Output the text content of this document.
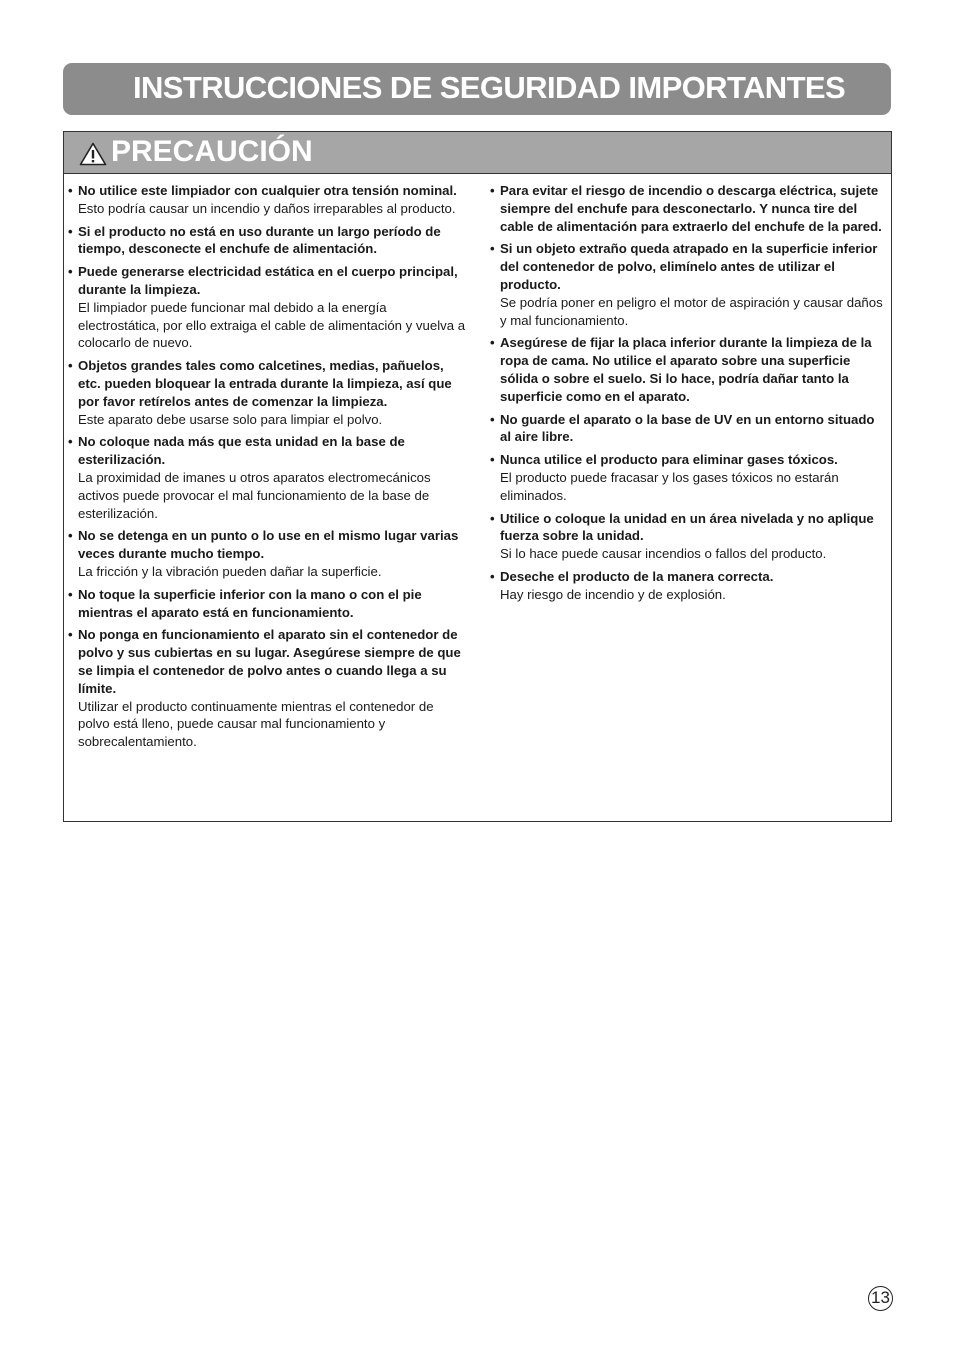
INSTRUCCIONES DE SEGURIDAD IMPORTANTES
PRECAUCIÓN
• No utilice este limpiador con cualquier otra tensión nominal.
Esto podría causar un incendio y daños irreparables al producto.
• Si el producto no está en uso durante un largo período de tiempo, desconecte el enchufe de alimentación.
• Puede generarse electricidad estática en el cuerpo principal, durante la limpieza.
El limpiador puede funcionar mal debido a la energía electrostática, por ello extraiga el cable de alimentación y vuelva a colocarlo de nuevo.
• Objetos grandes tales como calcetines, medias, pañuelos, etc. pueden bloquear la entrada durante la limpieza, así que por favor retírelos antes de comenzar la limpieza.
Este aparato debe usarse solo para limpiar el polvo.
• No coloque nada más que esta unidad en la base de esterilización.
La proximidad de imanes u otros aparatos electromecánicos activos puede provocar el mal funcionamiento de la base de esterilización.
• No se detenga en un punto o lo use en el mismo lugar varias veces durante mucho tiempo.
La fricción y la vibración pueden dañar la superficie.
• No toque la superficie inferior con la mano o con el pie mientras el aparato está en funcionamiento.
• No ponga en funcionamiento el aparato sin el contenedor de polvo y sus cubiertas en su lugar. Asegúrese siempre de que se limpia el contenedor de polvo antes o cuando llega a su límite.
Utilizar el producto continuamente mientras el contenedor de polvo está lleno, puede causar mal funcionamiento y sobrecalentamiento.
• Para evitar el riesgo de incendio o descarga eléctrica, sujete siempre del enchufe para desconectarlo. Y nunca tire del cable de alimentación para extraerlo del enchufe de la pared.
• Si un objeto extraño queda atrapado en la superficie inferior del contenedor de polvo, elimínelo antes de utilizar el producto.
Se podría poner en peligro el motor de aspiración y causar daños y mal funcionamiento.
• Asegúrese de fijar la placa inferior durante la limpieza de la ropa de cama. No utilice el aparato sobre una superficie sólida o sobre el suelo. Si lo hace, podría dañar tanto la superficie como en el aparato.
• No guarde el aparato o la base de UV en un entorno situado al aire libre.
• Nunca utilice el producto para eliminar gases tóxicos.
El producto puede fracasar y los gases tóxicos no estarán eliminados.
• Utilice o coloque la unidad en un área nivelada y no aplique fuerza sobre la unidad.
Si lo hace puede causar incendios o fallos del producto.
• Deseche el producto de la manera correcta.
Hay riesgo de incendio y de explosión.
13
